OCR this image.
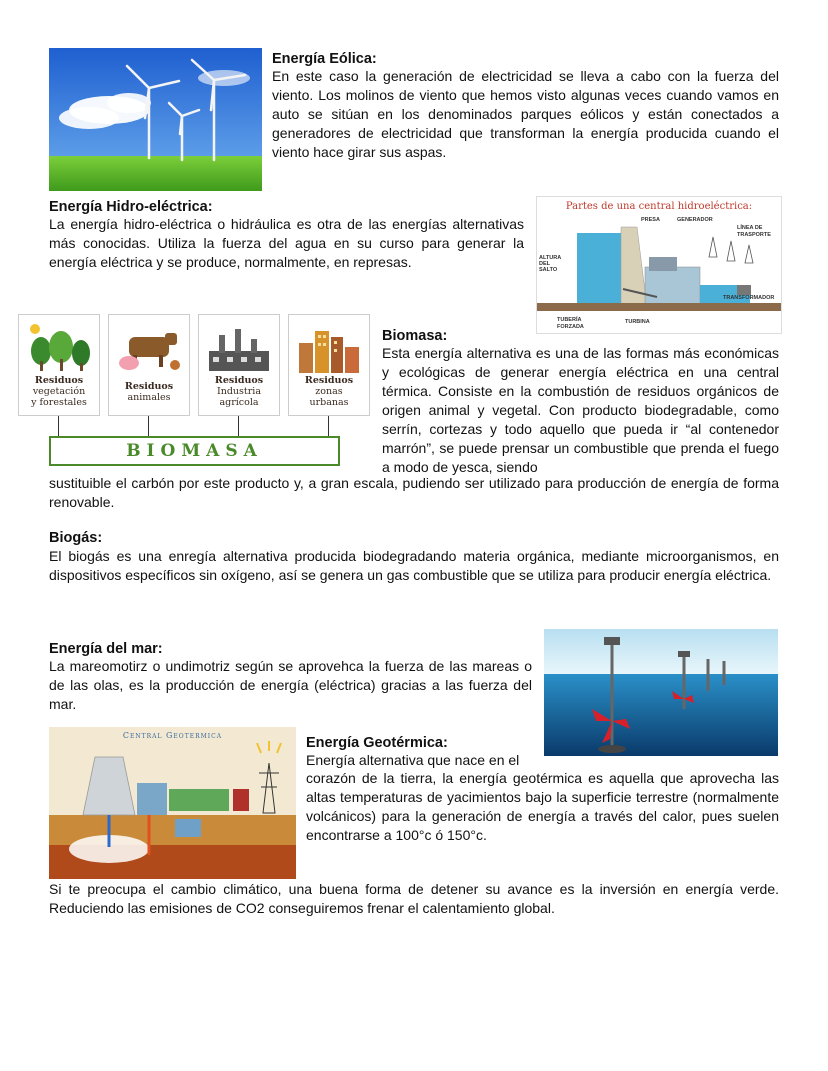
Energía Eólica:
En este caso la generación de electricidad se lleva a cabo con la fuerza del viento. Los molinos de viento que hemos visto algunas veces cuando vamos en auto se sitúan en los denominados parques eólicos y están conectados a generadores de electricidad que transforman la energía producida cuando el viento hace girar sus aspas.
Energía Hidro-eléctrica:
La energía hidro-eléctrica o hidráulica es otra de las energías alternativas más conocidas. Utiliza la fuerza del agua en su curso para generar la energía eléctrica y se produce, normalmente, en represas.
Partes de una central hidroeléctrica:
PRESA	GENERADOR
LÍNEA DE
TRASPORTE
ALTURA
DEL
SALTO
TRANSFORMADOR
TUBERÍA
FORZADA
TURBINA
Residuos
vegetación
y forestales
Residuos
animales
Residuos
Industria
agrícola
Residuos
zonas
urbanas
BIOMASA
Biomasa:
Esta energía alternativa es una de las formas más económicas y ecológicas de generar energía eléctrica en una central térmica. Consiste en la combustión de residuos orgánicos de origen animal y vegetal. Con producto biodegradable, como serrín, cortezas y todo aquello que pueda ir “al contenedor marrón”, se puede prensar un combustible que prenda el fuego a modo de yesca, siendo
sustituible el carbón por este producto y, a gran escala, pudiendo ser utilizado para producción de energía de forma renovable.
Biogás:
El biogás es una enregía alternativa producida biodegradando materia orgánica, mediante microorganismos, en dispositivos específicos sin oxígeno, así se genera un gas combustible que se utiliza para producir energía eléctrica.
Energía del mar:
La mareomotirz o undimotriz según se aprovehca la fuerza de las mareas o de las olas, es la producción de energía (eléctrica) gracias a las fuerza del mar.
Central Geotermica	Energía Geotérmica:
Energía alternativa que nace en el
corazón de la tierra, la energía geotérmica es aquella que aprovecha las altas temperaturas de yacimientos bajo la superficie terrestre (normalmente volcánicos) para la generación de energía a través del calor, pues suelen encontrarse a 100°c ó 150°c.
Si te preocupa el cambio climático, una buena forma de detener su avance es la inversión en energía verde. Reduciendo las emisiones de CO2 conseguiremos frenar el calentamiento global.
